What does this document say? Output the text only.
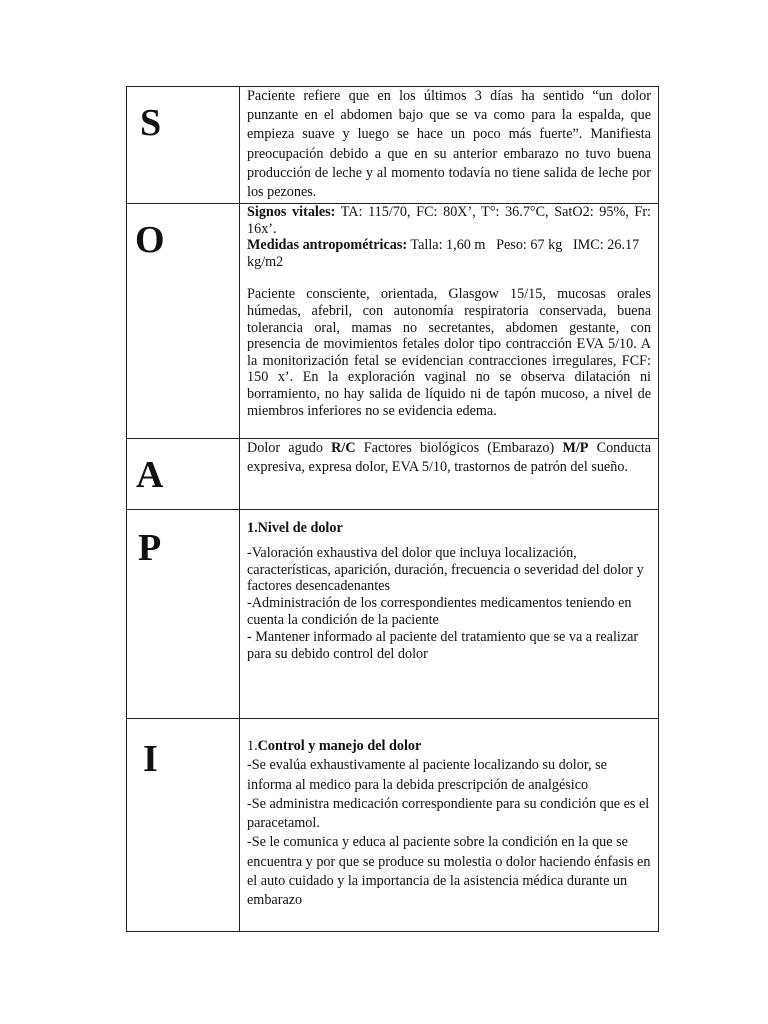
S	Paciente refiere que en los últimos 3 días ha sentido “un dolor punzante en el abdomen bajo que se va como para la espalda, que empieza suave y luego se hace un poco más fuerte”. Manifiesta preocupación debido a que en su anterior embarazo no tuvo buena producción de leche y al momento todavía no tiene salida de leche por los pezones.

O	Signos vitales: TA: 115/70, FC: 80X’, T°: 36.7°C, SatO2: 95%, Fr: 16x’.

Medidas antropométricas: Talla: 1,60 m   Peso: 67 kg   IMC: 26.17 kg/m2

Paciente consciente, orientada, Glasgow 15/15, mucosas orales húmedas, afebril, con autonomía respiratoria conservada, buena tolerancia oral, mamas no secretantes, abdomen gestante, con presencia de movimientos fetales dolor tipo contracción EVA 5/10. A la monitorización fetal se evidencian contracciones irregulares, FCF: 150 x’. En la exploración vaginal no se observa dilatación ni borramiento, no hay salida de líquido ni de tapón mucoso, a nivel de miembros inferiores no se evidencia edema.

A	Dolor agudo R/C Factores biológicos (Embarazo) M/P Conducta expresiva, expresa dolor, EVA 5/10, trastornos de patrón del sueño.

P	1.Nivel de dolor

-Valoración exhaustiva del dolor que incluya localización, características, aparición, duración, frecuencia o severidad del dolor y factores desencadenantes

-Administración de los correspondientes medicamentos teniendo en cuenta la condición de la paciente

- Mantener informado al paciente del tratamiento que se va a realizar para su debido control del dolor

I	1.Control y manejo del dolor

-Se evalúa exhaustivamente al paciente localizando su dolor, se informa al medico para la debida prescripción de analgésico

-Se administra medicación correspondiente para su condición que es el paracetamol.

-Se le comunica y educa al paciente sobre la condición en la que se encuentra y por que se produce su molestia o dolor haciendo énfasis en el auto cuidado y la importancia de la asistencia médica durante un embarazo
